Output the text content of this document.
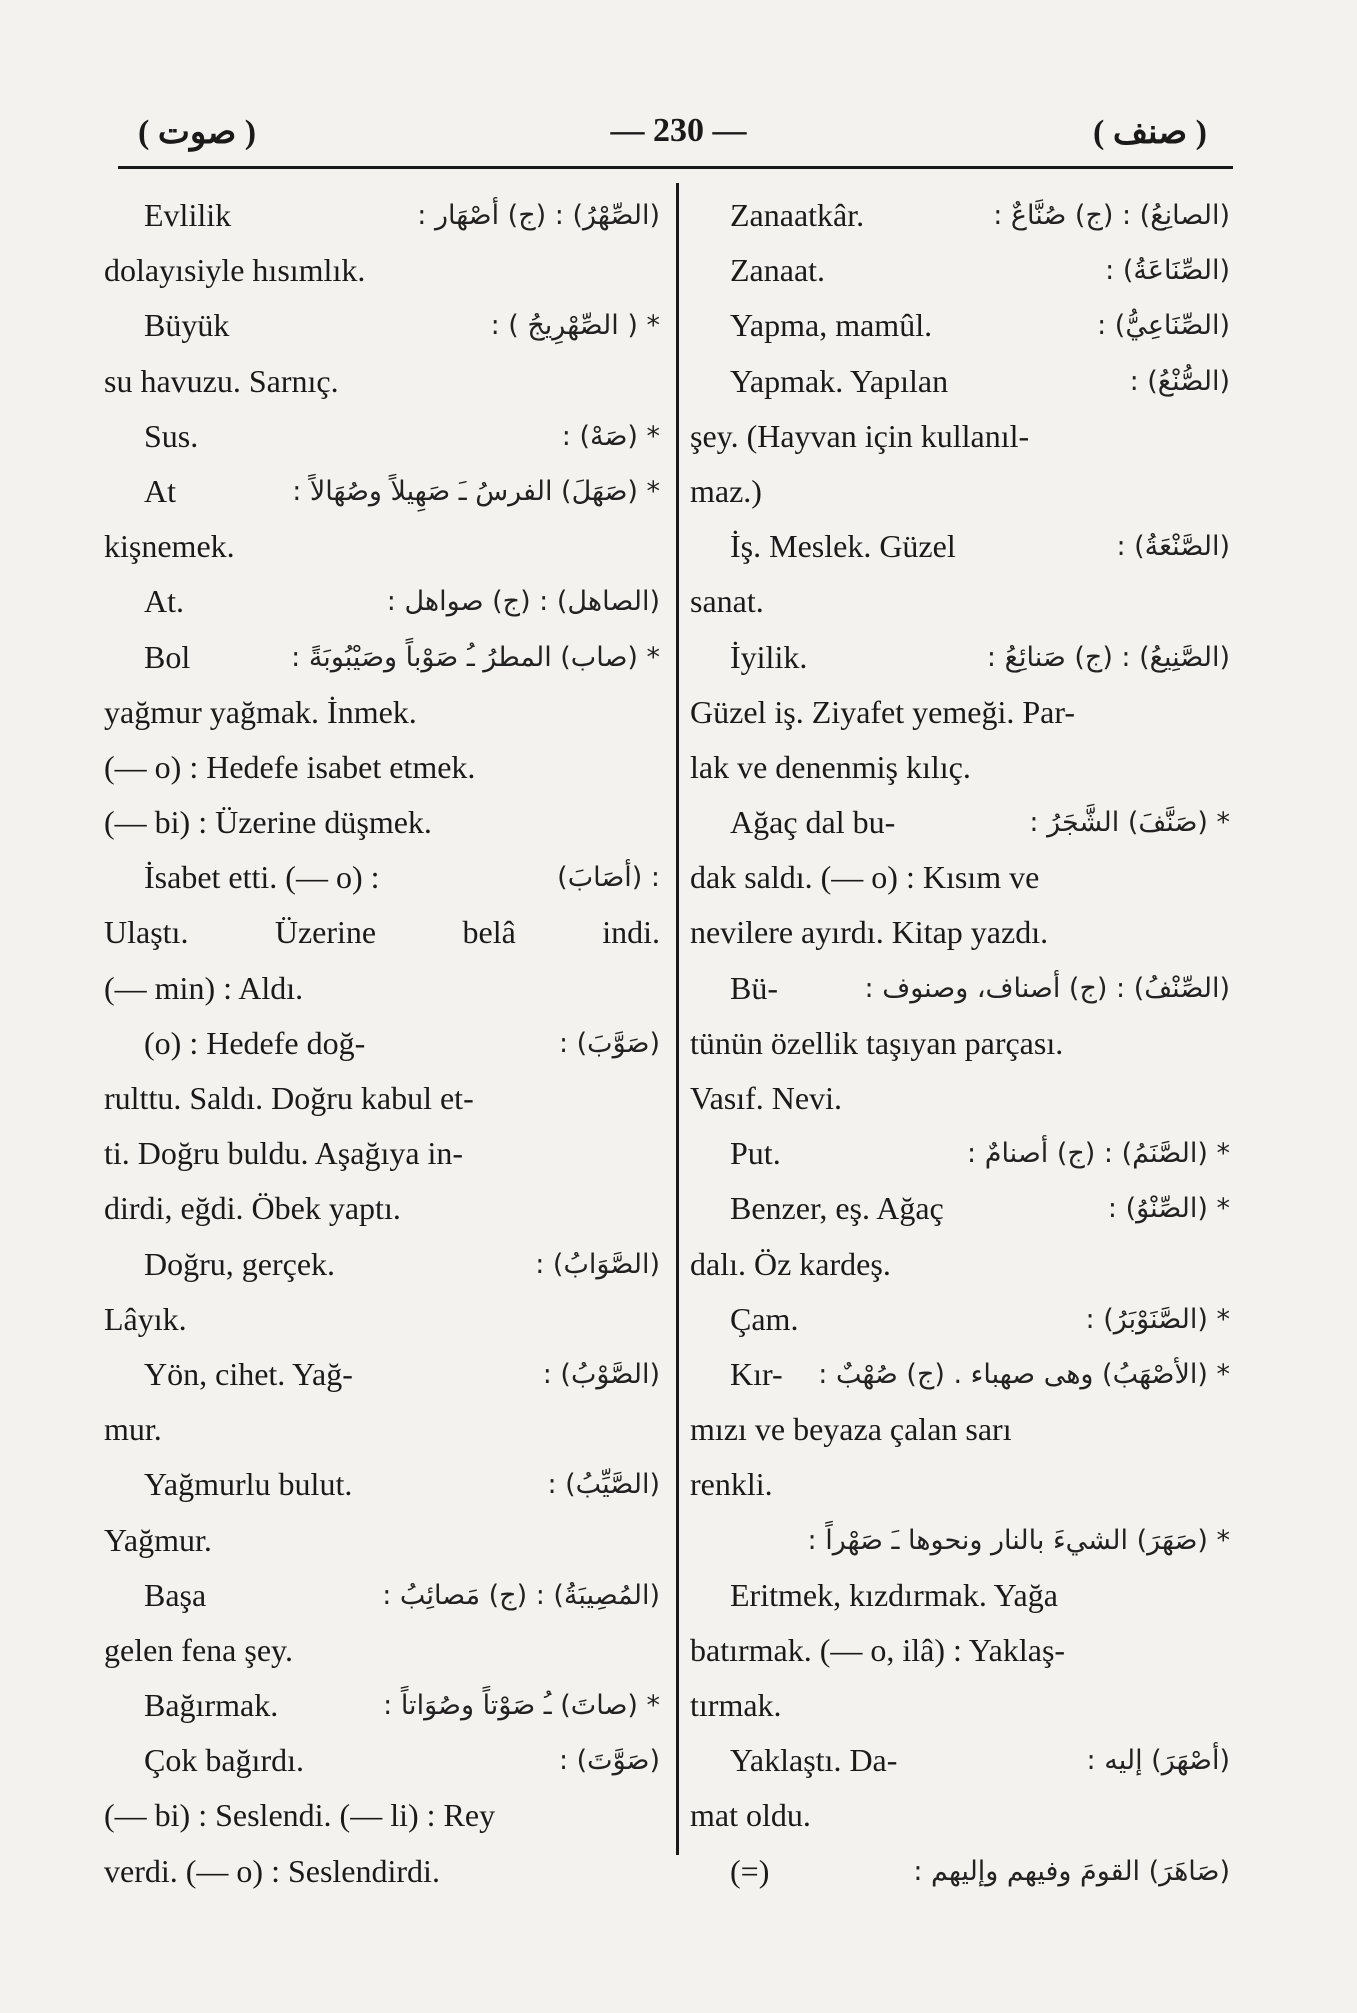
( صوت )	— 230 —	( صنف )
Evlilik	(الصِّهْرُ) : (ج) أصْهَار :
dolayısiyle hısımlık.
Büyük	* ( الصِّهْرِيجُ ) :
su havuzu. Sarnıç.
Sus.	* (صَهْ) :
At	* (صَهَلَ) الفرسُ ـَ صَهِيلاً وصُهَالاً :
kişnemek.
At.	(الصاهل) : (ج) صواهل :
Bol	* (صاب) المطرُ ـُ صَوْباً وصَيْبُوبَةً :
yağmur yağmak. İnmek.
(— o) : Hedefe isabet etmek.
(— bi) : Üzerine düşmek.
İsabet etti. (— o) :	: (أصَابَ)
Ulaştı. Üzerine belâ indi.
(— min) : Aldı.
(o) : Hedefe doğ-	(صَوَّبَ) :
rulttu. Saldı. Doğru kabul et-
ti. Doğru buldu. Aşağıya in-
dirdi, eğdi. Öbek yaptı.
Doğru, gerçek.	(الصَّوَابُ) :
Lâyık.
Yön, cihet. Yağ-	(الصَّوْبُ) :
mur.
Yağmurlu bulut.	(الصَّيِّبُ) :
Yağmur.
Başa	(المُصِيبَةُ) : (ج) مَصائِبُ :
gelen fena şey.
Bağırmak.	* (صاتَ) ـُ صَوْتاً وصُوَاتاً :
Çok bağırdı.	(صَوَّتَ) :
(— bi) : Seslendi. (— li) : Rey
verdi. (— o) : Seslendirdi.
Zanaatkâr.	(الصانِعُ) : (ج) صُنَّاعٌ :
Zanaat.	(الصِّنَاعَةُ) :
Yapma, mamûl.	(الصِّنَاعِيُّ) :
Yapmak. Yapılan	(الصُّنْعُ) :
şey. (Hayvan için kullanıl-
maz.)
İş. Meslek. Güzel	(الصَّنْعَةُ) :
sanat.
İyilik.	(الصَّنِيعُ) : (ج) صَنائِعُ :
Güzel iş. Ziyafet yemeği. Par-
lak ve denenmiş kılıç.
Ağaç dal bu-	* (صَنَّفَ) الشَّجَرُ :
dak saldı. (— o) : Kısım ve
nevilere ayırdı. Kitap yazdı.
Bü-	(الصِّنْفُ) : (ج) أصناف، وصنوف :
tünün özellik taşıyan parçası.
Vasıf. Nevi.
Put.	* (الصَّنَمُ) : (ج) أصنامٌ :
Benzer, eş. Ağaç	* (الصِّنْوُ) :
dalı. Öz kardeş.
Çam.	* (الصَّنَوْبَرُ) :
Kır-	* (الأصْهَبُ) وهى صهباء . (ج) صُهْبٌ :
mızı ve beyaza çalan sarı
renkli.
* (صَهَرَ) الشيءَ بالنار ونحوها ـَ صَهْراً :
Eritmek, kızdırmak. Yağa
batırmak. (— o, ilâ) : Yaklaş-
tırmak.
Yaklaştı. Da-	(أصْهَرَ) إليه :
mat oldu.
(=)	(صَاهَرَ) القومَ وفيهم وإليهم :
